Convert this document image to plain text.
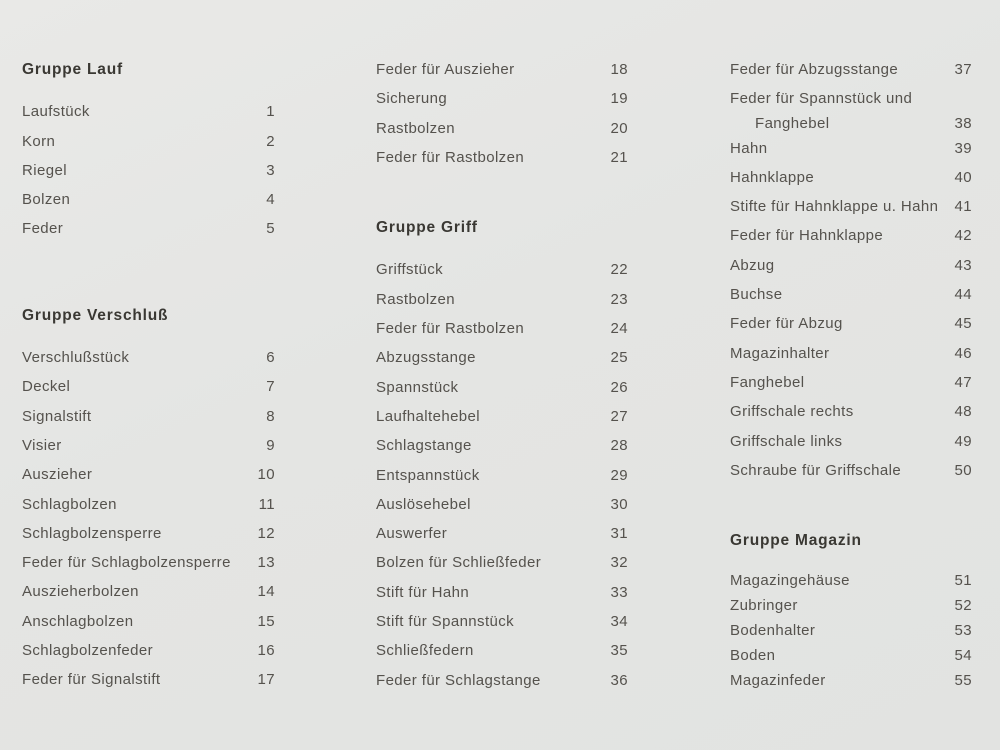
Gruppe Lauf
Laufstück	1
Korn	2
Riegel	3
Bolzen	4
Feder	5
Gruppe Verschluß
Verschlußstück	6
Deckel	7
Signalstift	8
Visier	9
Auszieher	10
Schlagbolzen	11
Schlagbolzensperre	12
Feder für Schlagbolzensperre	13
Auszieherbolzen	14
Anschlagbolzen	15
Schlagbolzenfeder	16
Feder für Signalstift	17
Feder für Auszieher	18
Sicherung	19
Rastbolzen	20
Feder für Rastbolzen	21
Gruppe Griff
Griffstück	22
Rastbolzen	23
Feder für Rastbolzen	24
Abzugsstange	25
Spannstück	26
Laufhaltehebel	27
Schlagstange	28
Entspannstück	29
Auslösehebel	30
Auswerfer	31
Bolzen für Schließfeder	32
Stift für Hahn	33
Stift für Spannstück	34
Schließfedern	35
Feder für Schlagstange	36
Feder für Abzugsstange	37
Feder für Spannstück und
Fanghebel	38
Hahn	39
Hahnklappe	40
Stifte für Hahnklappe u. Hahn	41
Feder für Hahnklappe	42
Abzug	43
Buchse	44
Feder für Abzug	45
Magazinhalter	46
Fanghebel	47
Griffschale rechts	48
Griffschale links	49
Schraube für Griffschale	50
Gruppe Magazin
Magazingehäuse	51
Zubringer	52
Bodenhalter	53
Boden	54
Magazinfeder	55
